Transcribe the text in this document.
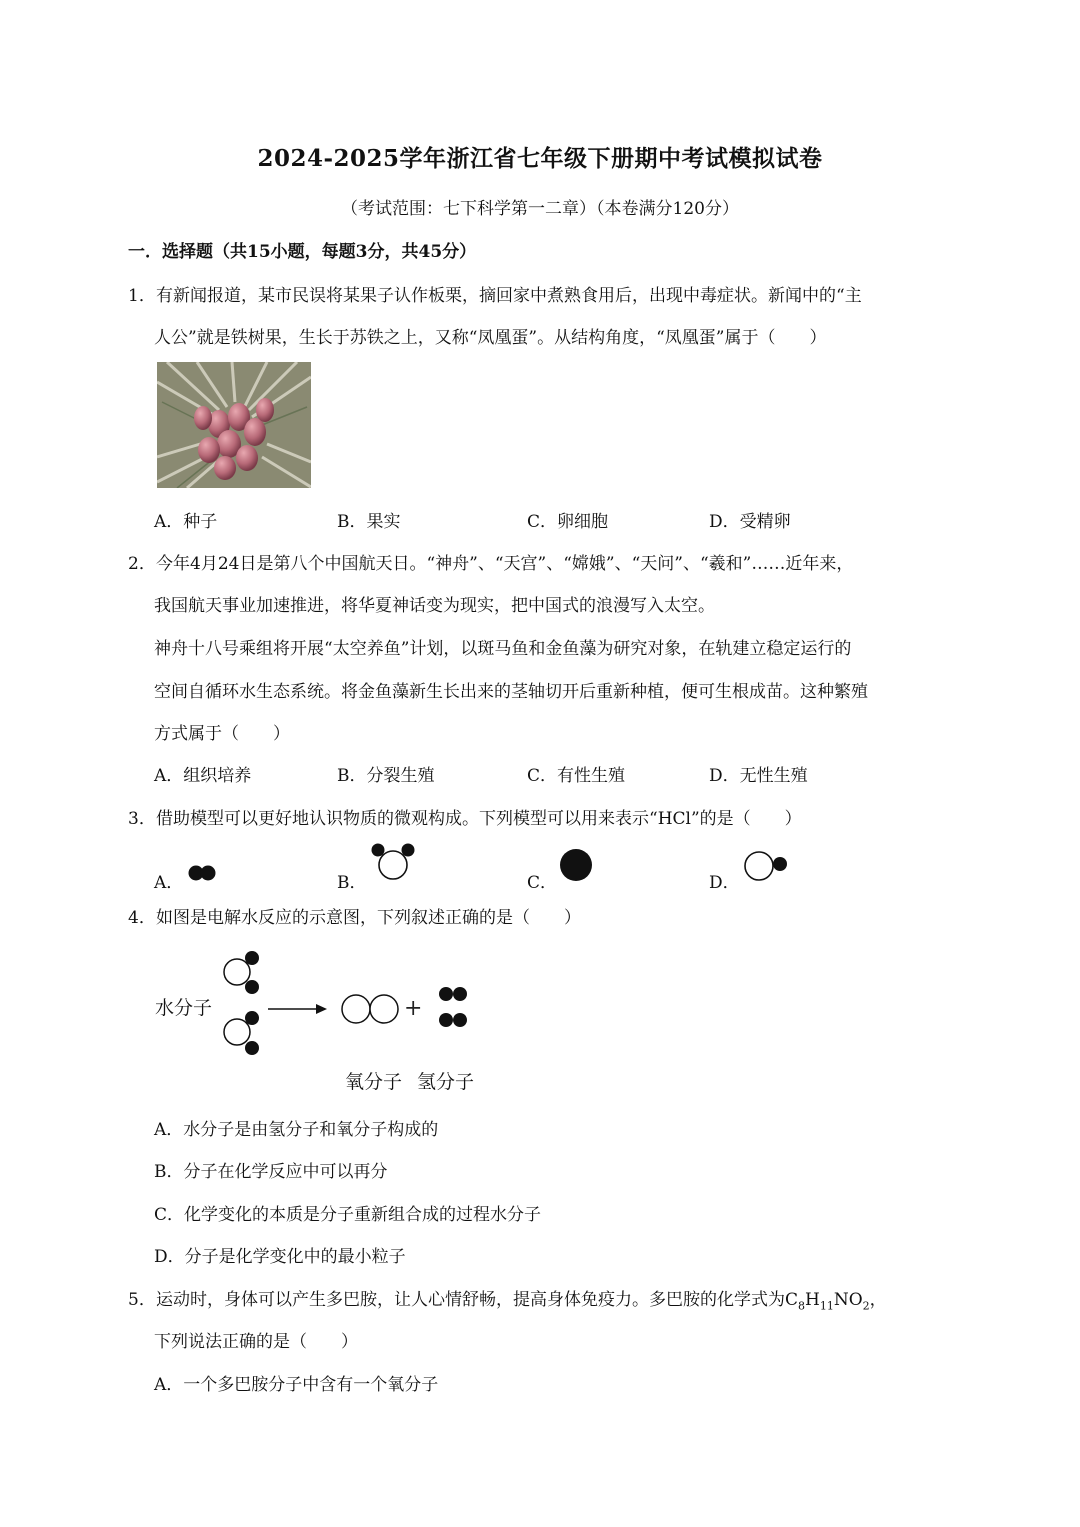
2024-2025学年浙江省七年级下册期中考试模拟试卷
（考试范围：七下科学第一二章）（本卷满分120分）
一．选择题（共15小题，每题3分，共45分）
1． 有新闻报道，某市民误将某果子认作板栗，摘回家中煮熟食用后，出现中毒症状。新闻中的“主
人公”就是铁树果，生长于苏铁之上，又称“凤凰蛋”。从结构角度，“凤凰蛋”属于（　　）
A．种子	B．果实	C．卵细胞	D．受精卵
2． 今年4月24日是第八个中国航天日。“神舟”、“天宫”、“嫦娥”、“天问”、“羲和”……近年来，
我国航天事业加速推进，将华夏神话变为现实，把中国式的浪漫写入太空。
神舟十八号乘组将开展“太空养鱼”计划，以斑马鱼和金鱼藻为研究对象，在轨建立稳定运行的
空间自循环水生态系统。将金鱼藻新生长出来的茎轴切开后重新种植，便可生根成苗。这种繁殖
方式属于（　　）
A．组织培养	B．分裂生殖	C．有性生殖	D．无性生殖
3． 借助模型可以更好地认识物质的微观构成。下列模型可以用来表示“HCl”的是（　　）
A．	B．	C．	D．
4． 如图是电解水反应的示意图，下列叙述正确的是（　　）
水分子	+
氧分子 氢分子
A．水分子是由氢分子和氧分子构成的
B．分子在化学反应中可以再分
C．化学变化的本质是分子重新组合成的过程水分子
D．分子是化学变化中的最小粒子
5． 运动时，身体可以产生多巴胺，让人心情舒畅，提高身体免疫力。多巴胺的化学式为$C_8H_{11}NO_2$，
下列说法正确的是（　　）
A．一个多巴胺分子中含有一个氧分子
